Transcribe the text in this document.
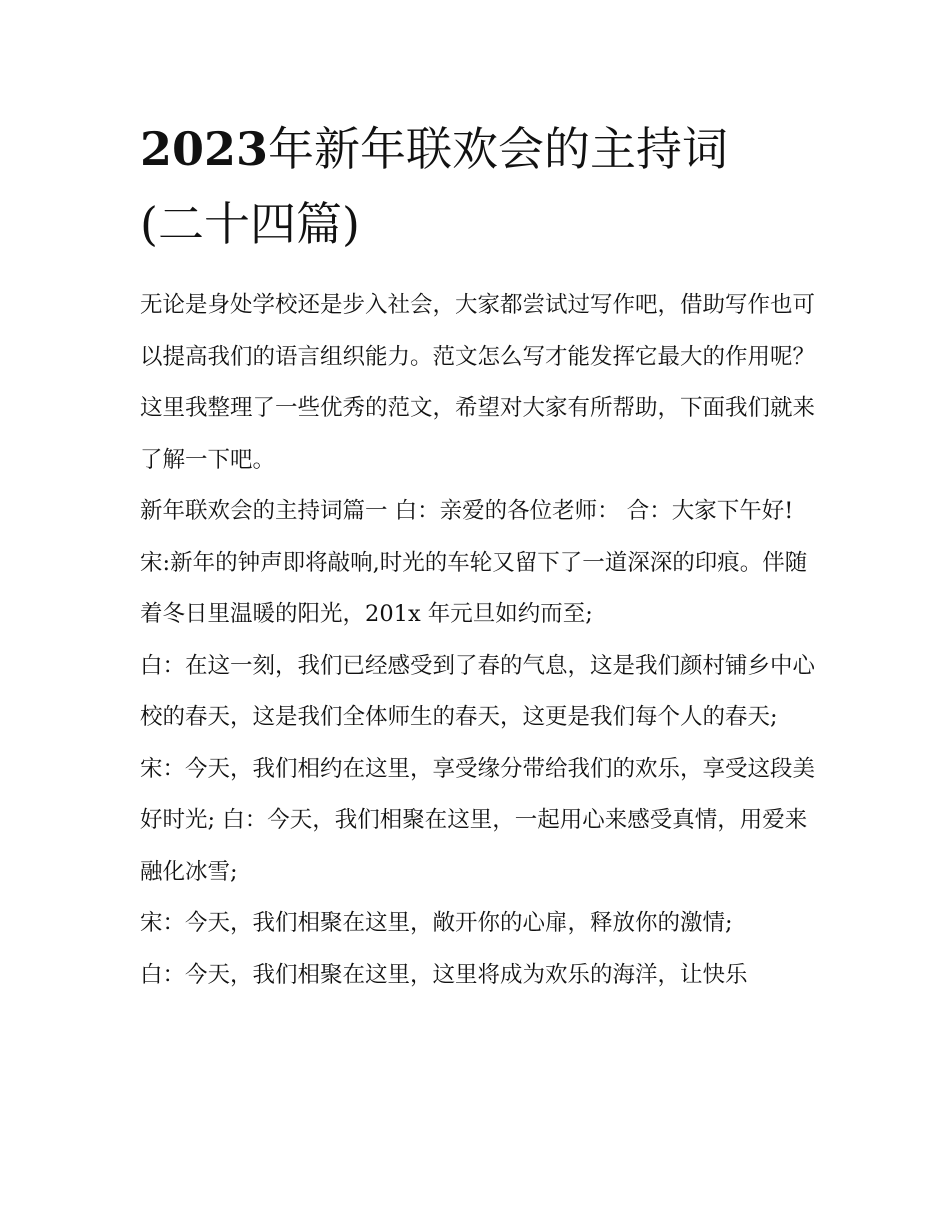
2023年新年联欢会的主持词
(二十四篇)

无论是身处学校还是步入社会，大家都尝试过写作吧，借助写作也可以提高我们的语言组织能力。范文怎么写才能发挥它最大的作用呢？这里我整理了一些优秀的范文，希望对大家有所帮助，下面我们就来了解一下吧。

新年联欢会的主持词篇一 白：亲爱的各位老师： 合：大家下午好!

宋:新年的钟声即将敲响,时光的车轮又留下了一道深深的印痕。伴随着冬日里温暖的阳光，201x 年元旦如约而至;

白：在这一刻，我们已经感受到了春的气息，这是我们颜村铺乡中心校的春天，这是我们全体师生的春天，这更是我们每个人的春天;

宋：今天，我们相约在这里，享受缘分带给我们的欢乐，享受这段美好时光; 白：今天，我们相聚在这里，一起用心来感受真情，用爱来融化冰雪;

宋：今天，我们相聚在这里，敞开你的心扉，释放你的激情;

白：今天，我们相聚在这里，这里将成为欢乐的海洋，让快乐
